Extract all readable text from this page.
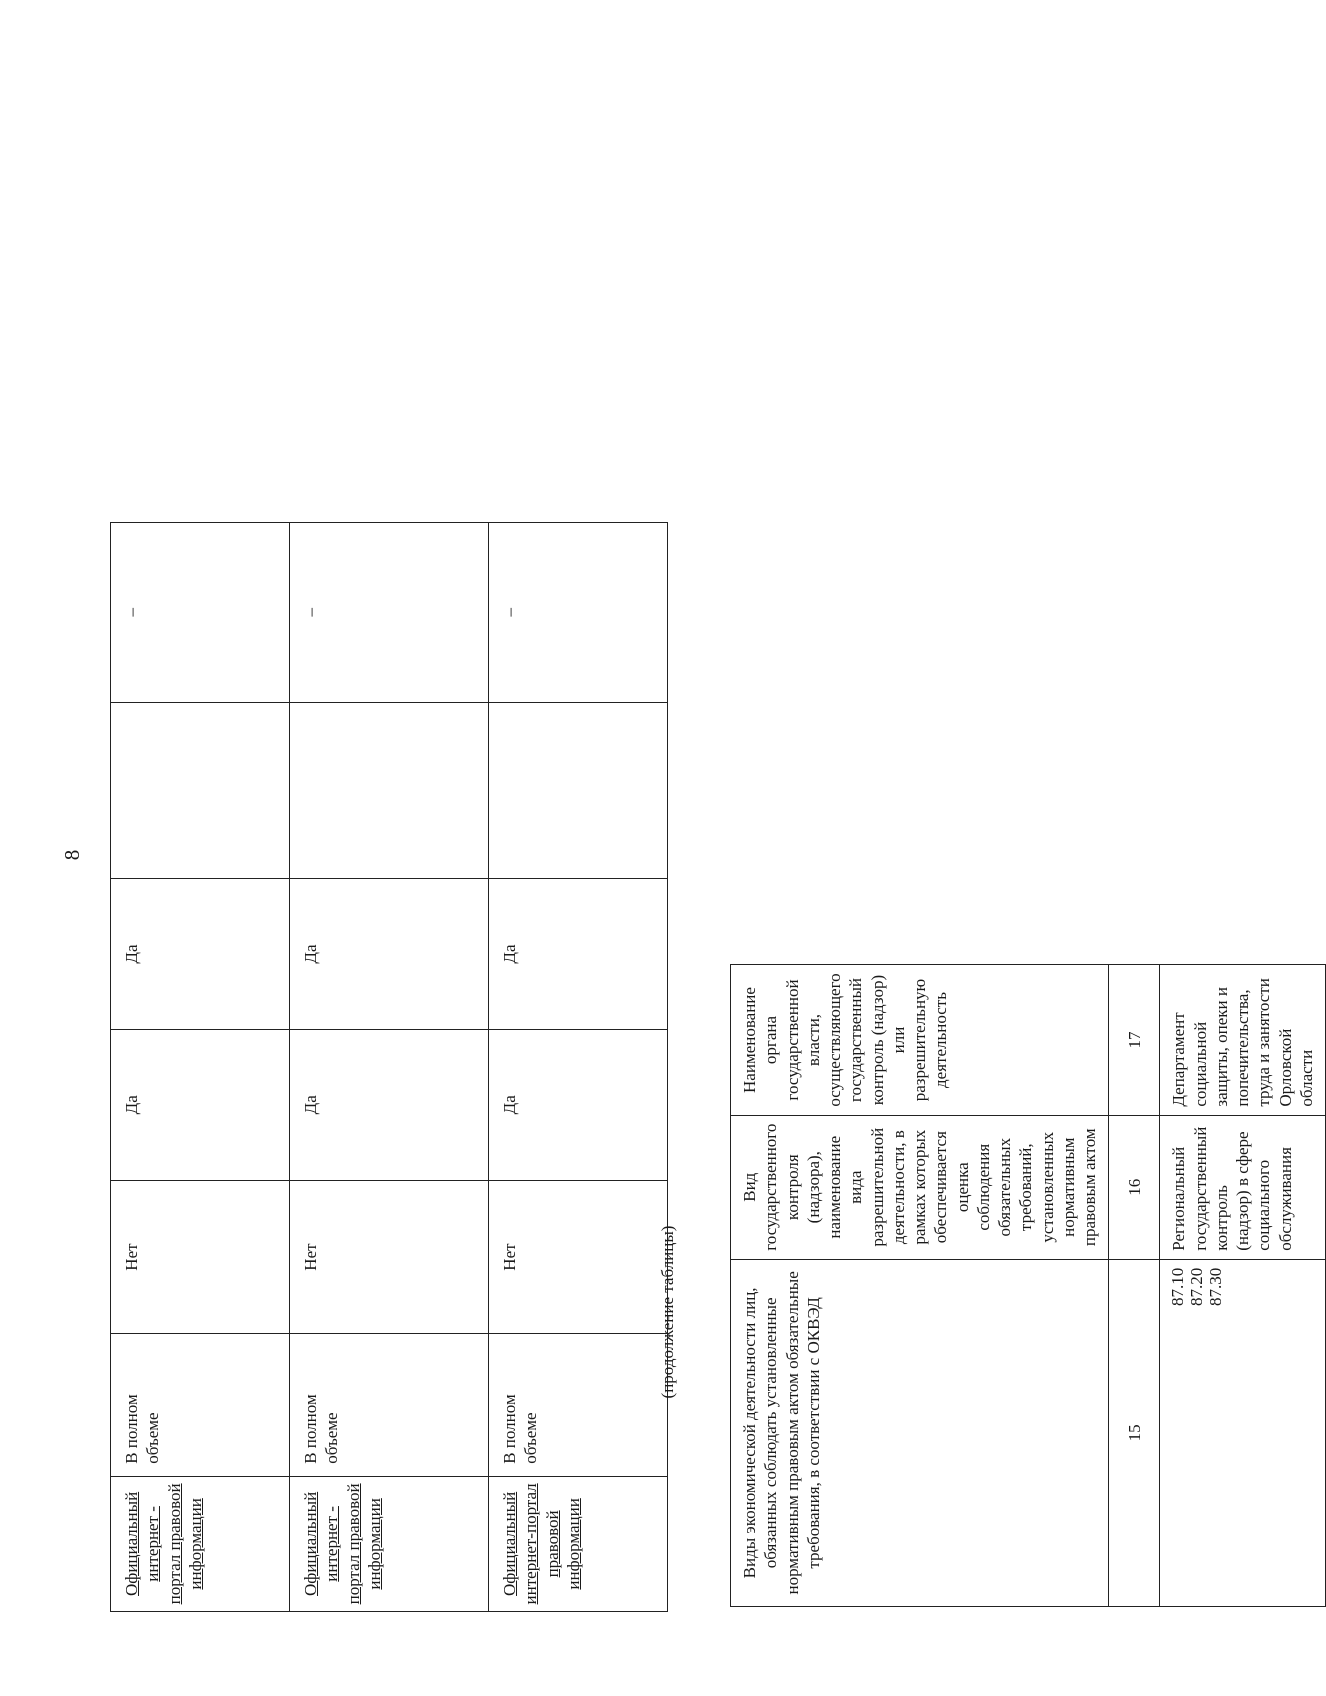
8
Официальный интернет - портал правовой информации	В полном объеме	Нет	Да	Да		–
Официальный интернет - портал правовой информации	В полном объеме	Нет	Да	Да		–
Официальный интернет-портал правовой информации	В полном объеме	Нет	Да	Да		–
(продолжение таблицы)	Виды экономической деятельности лиц, обязанных соблюдать установленные нормативным правовым актом обязательные требования, в соответствии с ОКВЭД	Вид государственного контроля (надзора), наименование вида разрешительной деятельности, в рамках которых обеспечивается оценка соблюдения обязательных требований, установленных нормативным правовым актом	Наименование органа государственной власти, осуществляющего государственный контроль (надзор) или разрешительную деятельность
15	16	17

87.10 87.20 87.30	Региональный государственный контроль (надзор) в сфере социального обслуживания	Департамент социальной защиты, опеки и попечительства, труда и занятости Орловской области
